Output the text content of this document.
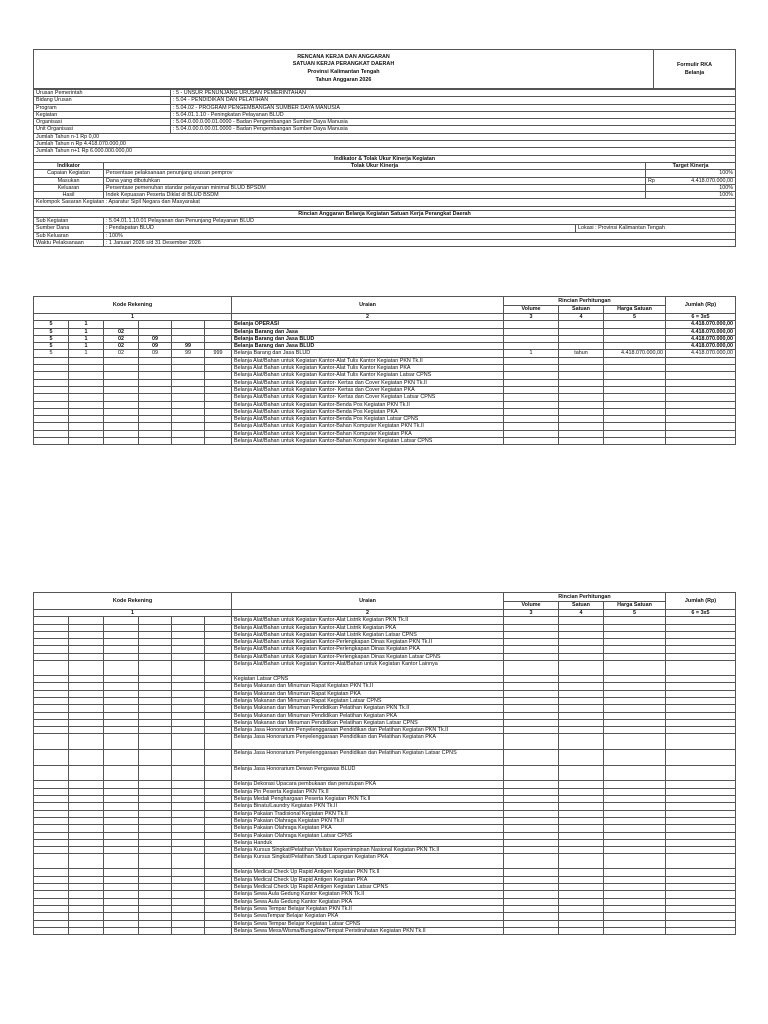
RENCANA KERJA DAN ANGGARAN
SATUAN KERJA PERANGKAT DAERAH
Provinsi Kalimantan Tengah
Tahun Anggaran 2026

Formulir RKA
Belanja
Urusan Pemerintah		: 5 - UNSUR PENUNJANG URUSAN PEMERINTAHAN		
Bidang Urusan		: 5.04 - PENDIDIKAN DAN PELATIHAN		
Program		: 5.04.02 - PROGRAM PENGEMBANGAN SUMBER DAYA MANUSIA		
Kegiatan		: 5.04.01.1.10 - Peningkatan Pelayanan BLUD		
Organisasi		: 5.04.0.00.0.00.01.0000 - Badan Pengembangan Sumber Daya Manusia		
Unit Organisasi		: 5.04.0.00.0.00.01.0000 - Badan Pengembangan Sumber Daya Manusia		
Jumlah Tahun n-1 Rp 0,00				
Jumlah Tahun n Rp 4.418.070.000,00				
Jumlah Tahun n+1 Rp 6.000.000.000,00				
Indikator & Tolak Ukur Kinerja Kegiatan				
Indikator	Tolak Ukur Kinerja			Target Kinerja
Capaian Kegiatan	Persentase pelaksanaan penunjang urusan pemprov			100%
Masukan	Dana yang dibutuhkan			Rp 4.418.070.000,00
Keluaran	Persentase pemenuhan standar pelayanan minimal BLUD BPSDM			100%
Hasil	Indek Kepuasan Peserta Diklat di BLUD BSDM			100%
Kelompok Sasaran Kegiatan : Aparatur Sipil Negara dan Masyarakat				

Rincian Anggaran Belanja Kegiatan Satuan Kerja Perangkat Daerah				
Sub Kegiatan	: 5.04.01.1.10.01 Pelayanan dan Penunjang Pelayanan BLUD			
Sumber Dana	: Pendapatan BLUD		Lokasi : Provinsi Kalimantan Tengah	
Sub Keluaran	: 100%			
Waktu Pelaksanaan	: 1 Januari 2026 s/d 31 Desember 2026			
Kode Rekening						Uraian	Rincian Perhitungan			Jumlah (Rp)
							Volume	Satuan	Harga Satuan	
1						2	3	4	5	6 = 3x5
5	1					Belanja OPERASI				4.418.070.000,00
5	1	02				Belanja Barang dan Jasa				4.418.070.000,00
5	1	02	09			Belanja Barang dan Jasa BLUD				4.418.070.000,00
5	1	02	09	99		Belanja Barang dan Jasa BLUD				4.418.070.000,00
5	1	02	09	99	999	Belanja Barang dan Jasa BLUD	1	tahun	4.418.070.000,00	4.418.070.000,00
						Belanja Alat/Bahan untuk Kegiatan Kantor-Alat Tulis Kantor Kegiatan PKN Tk.II				
						Belanja Alat Bahan untuk Kegiatan Kantor-Alat Tulis Kantor Kegiatan PKA				
						Belanja Alat/Bahan untuk Kegiatan Kantor-Alat Tulis Kantor Kegiatan Latsar CPNS				
						Belanja Alat/Bahan untuk Kegiatan Kantor- Kertas dan Cover Kegiatan PKN Tk.II				
						Belanja Alat/Bahan untuk Kegiatan Kantor- Kertas dan Cover Kegiatan PKA				
						Belanja Alat/Bahan untuk Kegiatan Kantor- Kertas dan Cover Kegiatan Latsar CPNS				
						Belanja Alat/Bahan untuk Kegiatan Kantor-Benda Pos Kegiatan PKN Tk.II				
						Belanja Alat/Bahan untuk Kegiatan Kantor-Benda Pos Kegiatan PKA				
						Belanja Alat/Bahan untuk Kegiatan Kantor-Benda Pos Kegiatan Latsar CPNS				
						Belanja Alat/Bahan untuk Kegiatan Kantor-Bahan Komputer Kegiatan PKN Tk.II				
						Belanja Alat/Bahan untuk Kegiatan Kantor-Bahan Komputer Kegiatan PKA				
						Belanja Alat/Bahan untuk Kegiatan Kantor-Bahan Komputer Kegiatan Latsar CPNS				
Kode Rekening						Uraian	Rincian Perhitungan			Jumlah (Rp)
							Volume	Satuan	Harga Satuan	
1						2	3	4	5	6 = 3x5
						Belanja Alat/Bahan untuk Kegiatan Kantor-Alat Listrik Kegiatan PKN Tk.II				
						Belanja Alat/Bahan untuk Kegiatan Kantor-Alat Listrik Kegiatan PKA				
						Belanja Alat/Bahan untuk Kegiatan Kantor-Alat Listrik Kegiatan Latsar CPNS				
						Belanja Alat/Bahan untuk Kegiatan Kantor-Perlengkapan Dinas Kegiatan PKN Tk.II				
						Belanja Alat/Bahan untuk Kegiatan Kantor-Perlengkapan Dinas Kegiatan PKA				
						Belanja Alat/Bahan untuk Kegiatan Kantor-Perlengkapan Dinas Kegiatan Latsar CPNS				
						Belanja Alat/Bahan untuk Kegiatan Kantor-Alat/Bahan untuk Kegiatan Kantor Lainnya				
						Kegiatan Latsar CPNS				
						Belanja Makanan dan Minuman Rapat Kegiatan PKN Tk.II				
						Belanja Makanan dan Minuman Rapat Kegiatan PKA				
						Belanja Makanan dan Minuman Rapat Kegiatan Latsar CPNS				
						Belanja Makanan dan Minuman Pendidikan Pelatihan Kegiatan PKN Tk.II				
						Belanja Makanan dan Minuman Pendidikan Pelatihan Kegiatan PKA				
						Belanja Makanan dan Minuman Pendidikan Pelatihan Kegiatan Latsar CPNS				
						Belanja Jasa Honorarium Penyelenggaraan Pendidikan dan Pelatihan Kegiatan PKN Tk.II				
						Belanja Jasa Honorarium Penyelenggaraan Pendidikan dan Pelatihan Kegiatan PKA				
						Belanja Jasa Honorarium Penyelenggaraan Pendidikan dan Pelatihan Kegiatan Latsar CPNS				
						Belanja Jasa Honorarium Dewan Pengawas BLUD				
						Belanja Dekorasi Upacara pembukaan dan penutupan PKA				
						Belanja Pin Peserta Kegiatan PKN Tk.II				
						Belanja Medali Penghargaan Peserta Kegiatan PKN Tk.II				
						Belanja Binatu/Laundry Kegiatan PKN Tk.II				
						Belanja Pakaian Tradisional Kegiatan PKN Tk.II				
						Belanja Pakaian Olahraga Kegiatan PKN Tk.II				
						Belanja Pakaian Olahraga Kegiatan PKA				
						Belanja Pakaian Olahraga Kegiatan Latsar CPNS				
						Belanja Handuk				
						Belanja Kursus Singkat/Pelatihan Visitasi Kepemimpinan Nasional Kegiatan PKN Tk.II				
						Belanja Kursus Singkat/Pelatihan Studi Lapangan Kegiatan PKA				
						Belanja Medical Check Up Rapid Antigen Kegiatan PKN Tk.II				
						Belanja Medical Check Up Rapid Antigen Kegiatan PKA				
						Belanja Medical Check Up Rapid Antigen Kegiatan Latsar CPNS				
						Belanja Sewa Aula Gedung Kantor Kegiatan PKN Tk.II				
						Belanja Sewa Aula Gedung Kantor Kegiatan PKA				
						Belanja Sewa Tempar Belajar Kegiatan PKN Tk.II				
						Belanja SewaTempar Belajar Kegiatan PKA				
						Belanja Sewa Tempar Belajar Kegiatan Latsar CPNS				
						Belanja Sewa Mess/Wisma/Bungalow/Tempat Peristirahatan Kegiatan PKN Tk.II				
